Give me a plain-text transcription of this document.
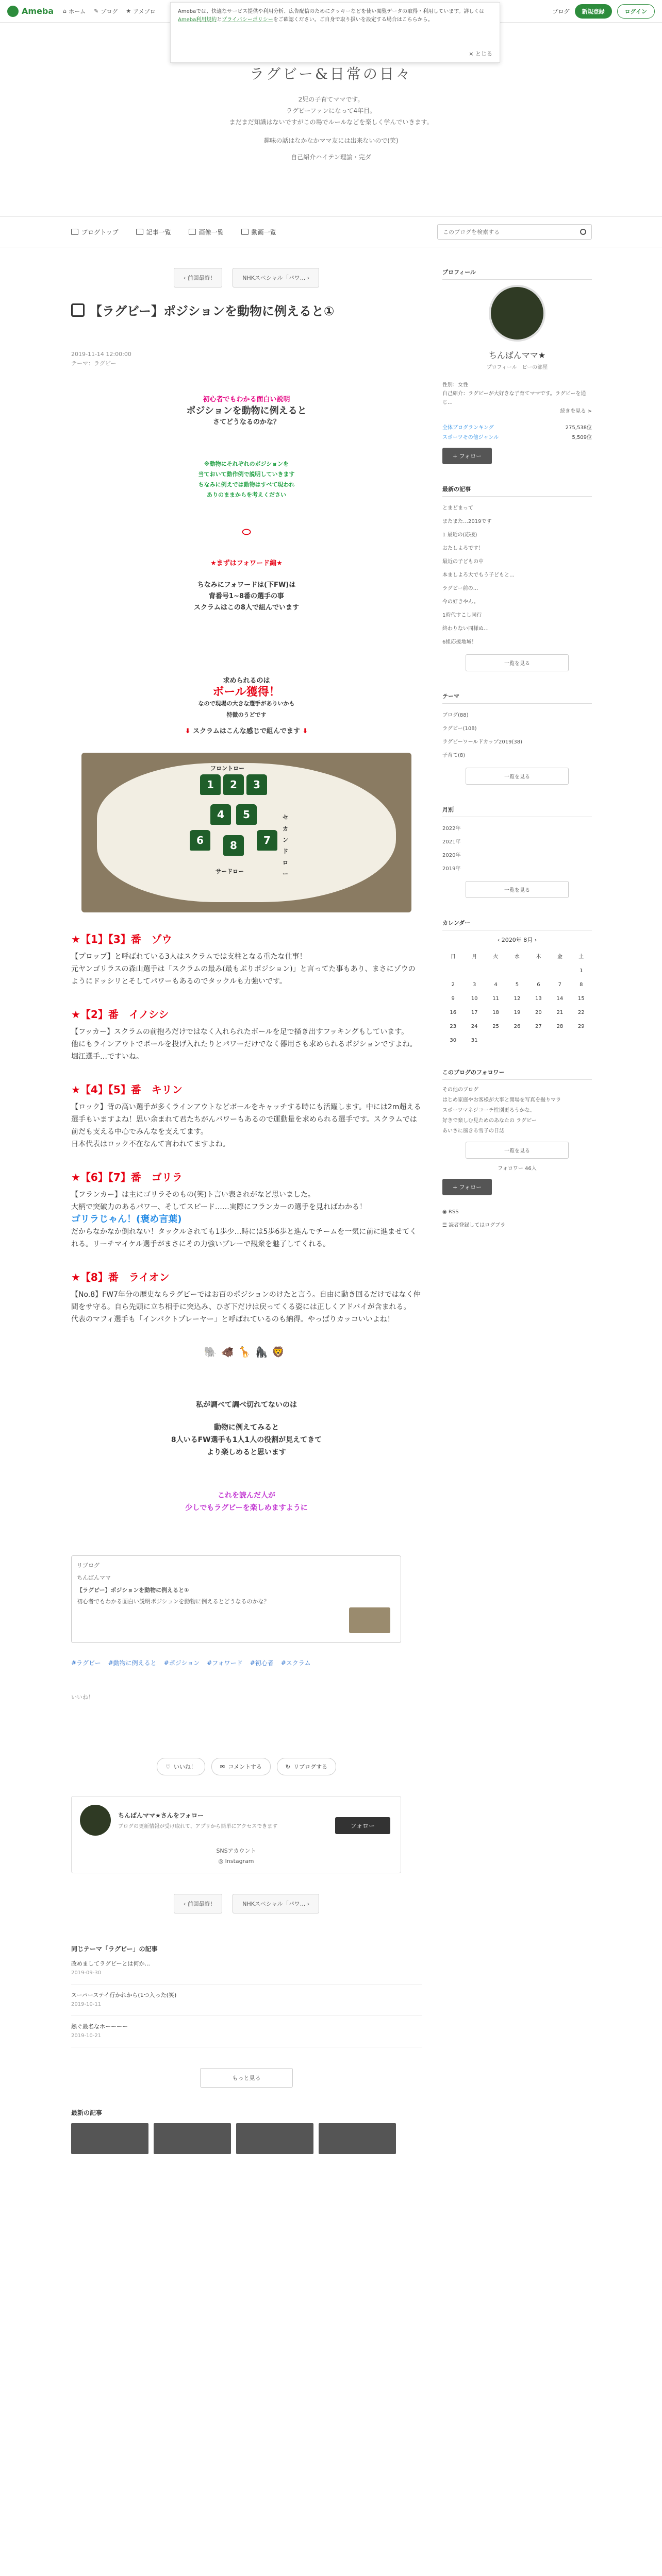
Ameba ⌂ ホーム ✎ ブログ ★ アメブロ	ブログ	新規登録	ログイン
Amebaでは、快適なサービス提供や利用分析、広告配信のためにクッキーなどを使い閲覧データの取得・利用しています。詳しくはAmeba利用規約とプライバシーポリシーをご確認ください。ご自身で取り扱いを設定する場合はこちらから。
× とじる
ラグビー&日常の日々
2児の子育てママです。
ラグビーファンになって4年目。
まだまだ知識はないですがこの場でルールなどを楽しく学んでいきます。
趣味の話はなかなかママ友には出来ないので(笑)
自己紹介ハイテン理論・完ダ
ブログトップ	記事一覧	画像一覧	動画一覧
このブログを検索する
‹ 前回最終!	NHKスペシャル「パワ... ›
【ラグビー】ポジションを動物に例えると①
2019-11-14 12:00:00
テーマ：ラグビー
初心者でもわかる面白い説明
ポジションを動物に例えると
さてどうなるのかな？
※動物にそれぞれのポジションを
当ておいて動作例で説明していきます
ちなみに例えでは動物はすべて現われ
ありのままからを考えください
⬭
★まずはフォワード編★
ちなみにフォワードは(下FW)は
背番号1~8番の選手の事
スクラムはこの8人で組んでいます
求められるのは
ボール獲得！
なので現場の大きな選手がありいかも
特徴のうどです
⬇ スクラムはこんな感じで組んでます ⬇
フロントロー
1	2	3
4	5
6	7
8
セカンドロー
サードロー
★【1】【3】番　ゾウ
【プロップ】と呼ばれている3人はスクラムでは支柱となる重たな仕事！
元ヤンゴリラスの森山選手は「スクラムの最み(最もぶりポジション)」と言ってた事もあり、まさにゾウのようにドッシリとそしてパワーもあるのでタックルも力強いです。
★【2】番　イノシシ
【フッカー】スクラムの前抱ろだけではなく入れられたボールを足で掻き出すフッキングもしています。
他にもラインアウトでボールを投げ入れたりとパワーだけでなく器用さも求められるポジションですよね。堀江選手…ですいね。
★【4】【5】番　キリン
【ロック】背の高い選手が多くラインアウトなどボールをキャッチする時にも活躍します。中には2m超える選手もいますよね！思い余まれて君たちがんバワーもあるので運動量を求められる選手です。スクラムでは前だも支える中心でみんなを支えてます。
日本代表はロック不在なんて言われてますよね。
★【6】【7】番　ゴリラ
【フランカー】は主にゴリラそのもの(笑)ト言い表されがなど思いました。
大柄で突破力のあるパワー、そしてスピード……実際にフランカーの選手を見ればわかる！
ゴリラじゃん！(褒め言葉)
だからなかなか倒れない！タックルされても1歩少…時には5歩6歩と進んでチームを一気に前に進ませてくれる。リーチマイケル選手がまさにその力強いプレーで観衆を魅了してくれる。
★【8】番　ライオン
【No.8】FW7年分の歴史ならラグビーではお百のポジションのけたと言う。自由に動き回るだけではなく仲間をサ守る。自ら先頭に立ち相手に突込み、ひざ下だけは戻ってくる姿には正しくアドバイが含まれる。
代表のマフィ選手も「インパクトプレーヤー」と呼ばれているのも納得。やっぱりカッコいいよね！
🐘🐗🦒🦍🦁
私が調べて調べ切れてないのは
動物に例えてみると
8人いるFW選手も1人1人の役割が見えてきて
より楽しめると思います
これを読んだ人が
少しでもラグビーを楽しめますように
リブログ
ちんばんママ
【ラグビー】ポジションを動物に例えると①
初心者でもわかる面白い説明ポジションを動物に例えるとどうなるのかな？
#ラグビー #動物に例えると #ポジション #フォワード #初心者 #スクラム
いいね！
♡ いいね！	✉ コメントする	↻ リブログする
ちんばんママ★さんをフォロー
ブログの更新情報が受け取れて、アプリから簡単にアクセスできます	フォロー
SNSアカウント
◎ Instagram
‹ 前回最終!	NHKスペシャル「パワ... ›
同じテーマ「ラグビー」の記事
改めましてラグビーとは何か...
2019-09-30
スーパーステイ行かれから(1つ入った(笑)
2019-10-11
熱ぐ最名なホーーーー
2019-10-21
もっと見る
最新の記事
プロフィール
ちんばんママ★
プロフィール　ビーの部屋
性別：女性
自己紹介：ラグビーが大好きな子育てママです。ラグビーを通じ…
続きを見る >
全体ブログランキング	275,538位
スポーツその他ジャンル	5,509位
+ フォロー
最新の記事
とまどまって
またまた…2019です
1 最近の(応援)
おたしよろです！
最近の子どもの中
本ましよろ大でもう子どもと…
ラグビー前の…
今の好きやん。
1時代すこし同行
終わりない同様ぬ…
6組応援地域！
一覧を見る
テーマ
ブログ(88)
ラグビー(108)
ラグビーワールドカップ2019(38)
子育て(8)
一覧を見る
月別
2022年
2021年
2020年
2019年
一覧を見る
カレンダー
‹ 2020年 8月 ›
日	月	火	水	木	金	土
						1
2	3	4	5	6	7	8
9	10	11	12	13	14	15
16	17	18	19	20	21	22
23	24	25	26	27	28	29
30	31					
このブログのフォロワー
その他のブログ
はじめ家庭やお客様が大事と開場を写真を撮りマラ
スポーツマネジコーチ性別更ろうかな、
好きで楽しむ見ためのあなたの ラグビー
あいさに風きる雪子の日誌
一覧を見る
フォロワー 46人
+ フォロー
◉ RSS
☰ 読者登録してはログブラ
